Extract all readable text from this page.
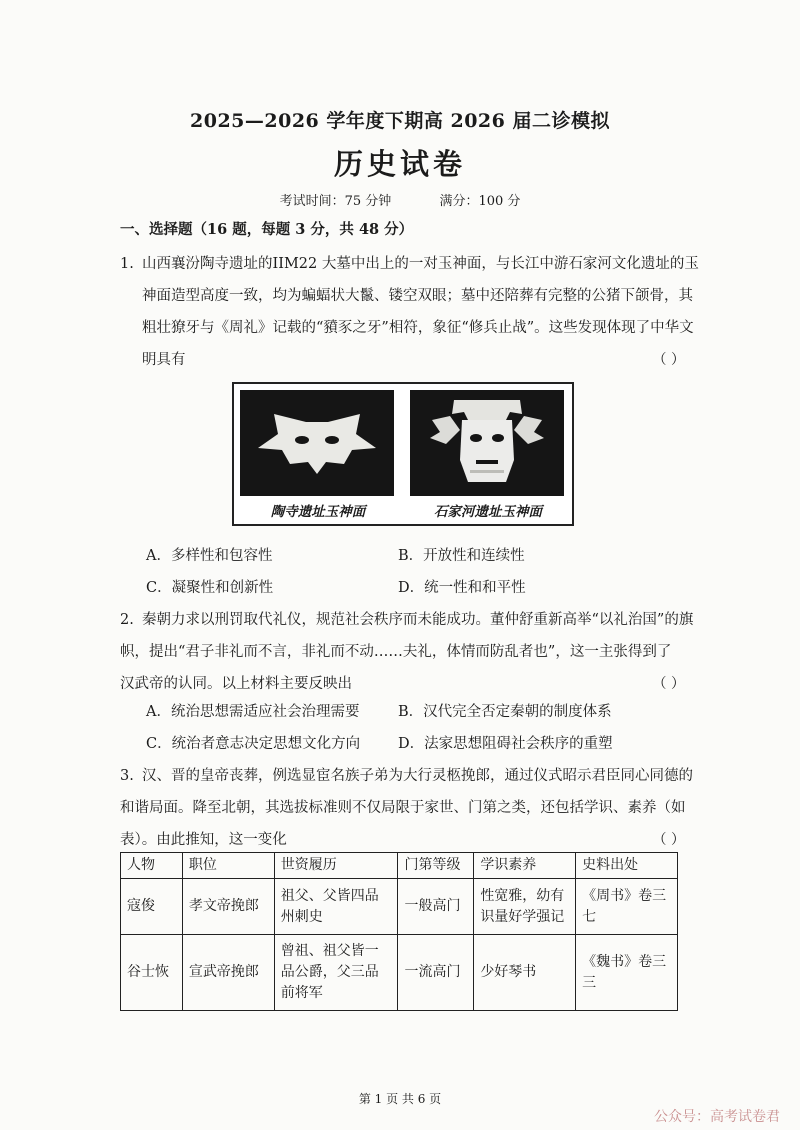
2025—2026 学年度下期高 2026 届二诊模拟
历史试卷
考试时间：75 分钟	满分：100 分
一、选择题（16 题，每题 3 分，共 48 分）
1. 山西襄汾陶寺遗址的IIM22 大墓中出上的一对玉神面，与长江中游石家河文化遗址的玉
神面造型高度一致，均为蝙蝠状大鬣、镂空双眼；墓中还陪葬有完整的公猪下颌骨，其
粗壮獠牙与《周礼》记载的“豶豕之牙”相符，象征“修兵止战”。这些发现体现了中华文
明具有	（ ）
陶寺遗址玉神面	石家河遗址玉神面
A．多样性和包容性	B．开放性和连续性
C．凝聚性和创新性	D．统一性和和平性
2. 秦朝力求以刑罚取代礼仪，规范社会秩序而未能成功。董仲舒重新高举“以礼治国”的旗
帜，提出“君子非礼而不言，非礼而不动……夫礼，体情而防乱者也”，这一主张得到了
汉武帝的认同。以上材料主要反映出	（ ）
A．统治思想需适应社会治理需要	B．汉代完全否定秦朝的制度体系
C．统治者意志决定思想文化方向	D．法家思想阻碍社会秩序的重塑
3. 汉、晋的皇帝丧葬，例选显宦名族子弟为大行灵柩挽郎，通过仪式昭示君臣同心同德的
和谐局面。降至北朝，其选拔标准则不仅局限于家世、门第之类，还包括学识、素养（如
表）。由此推知，这一变化	（ ）
人物	职位	世资履历	门第等级	学识素养	史料出处
寇俊	孝文帝挽郎	祖父、父皆四品州刺史	一般高门	性宽雅，幼有识量好学强记	《周书》卷三七
谷士恢	宣武帝挽郎	曾祖、祖父皆一品公爵，父三品前将军	一流高门	少好琴书	《魏书》卷三三
第 1 页 共 6 页
公众号：高考试卷君
